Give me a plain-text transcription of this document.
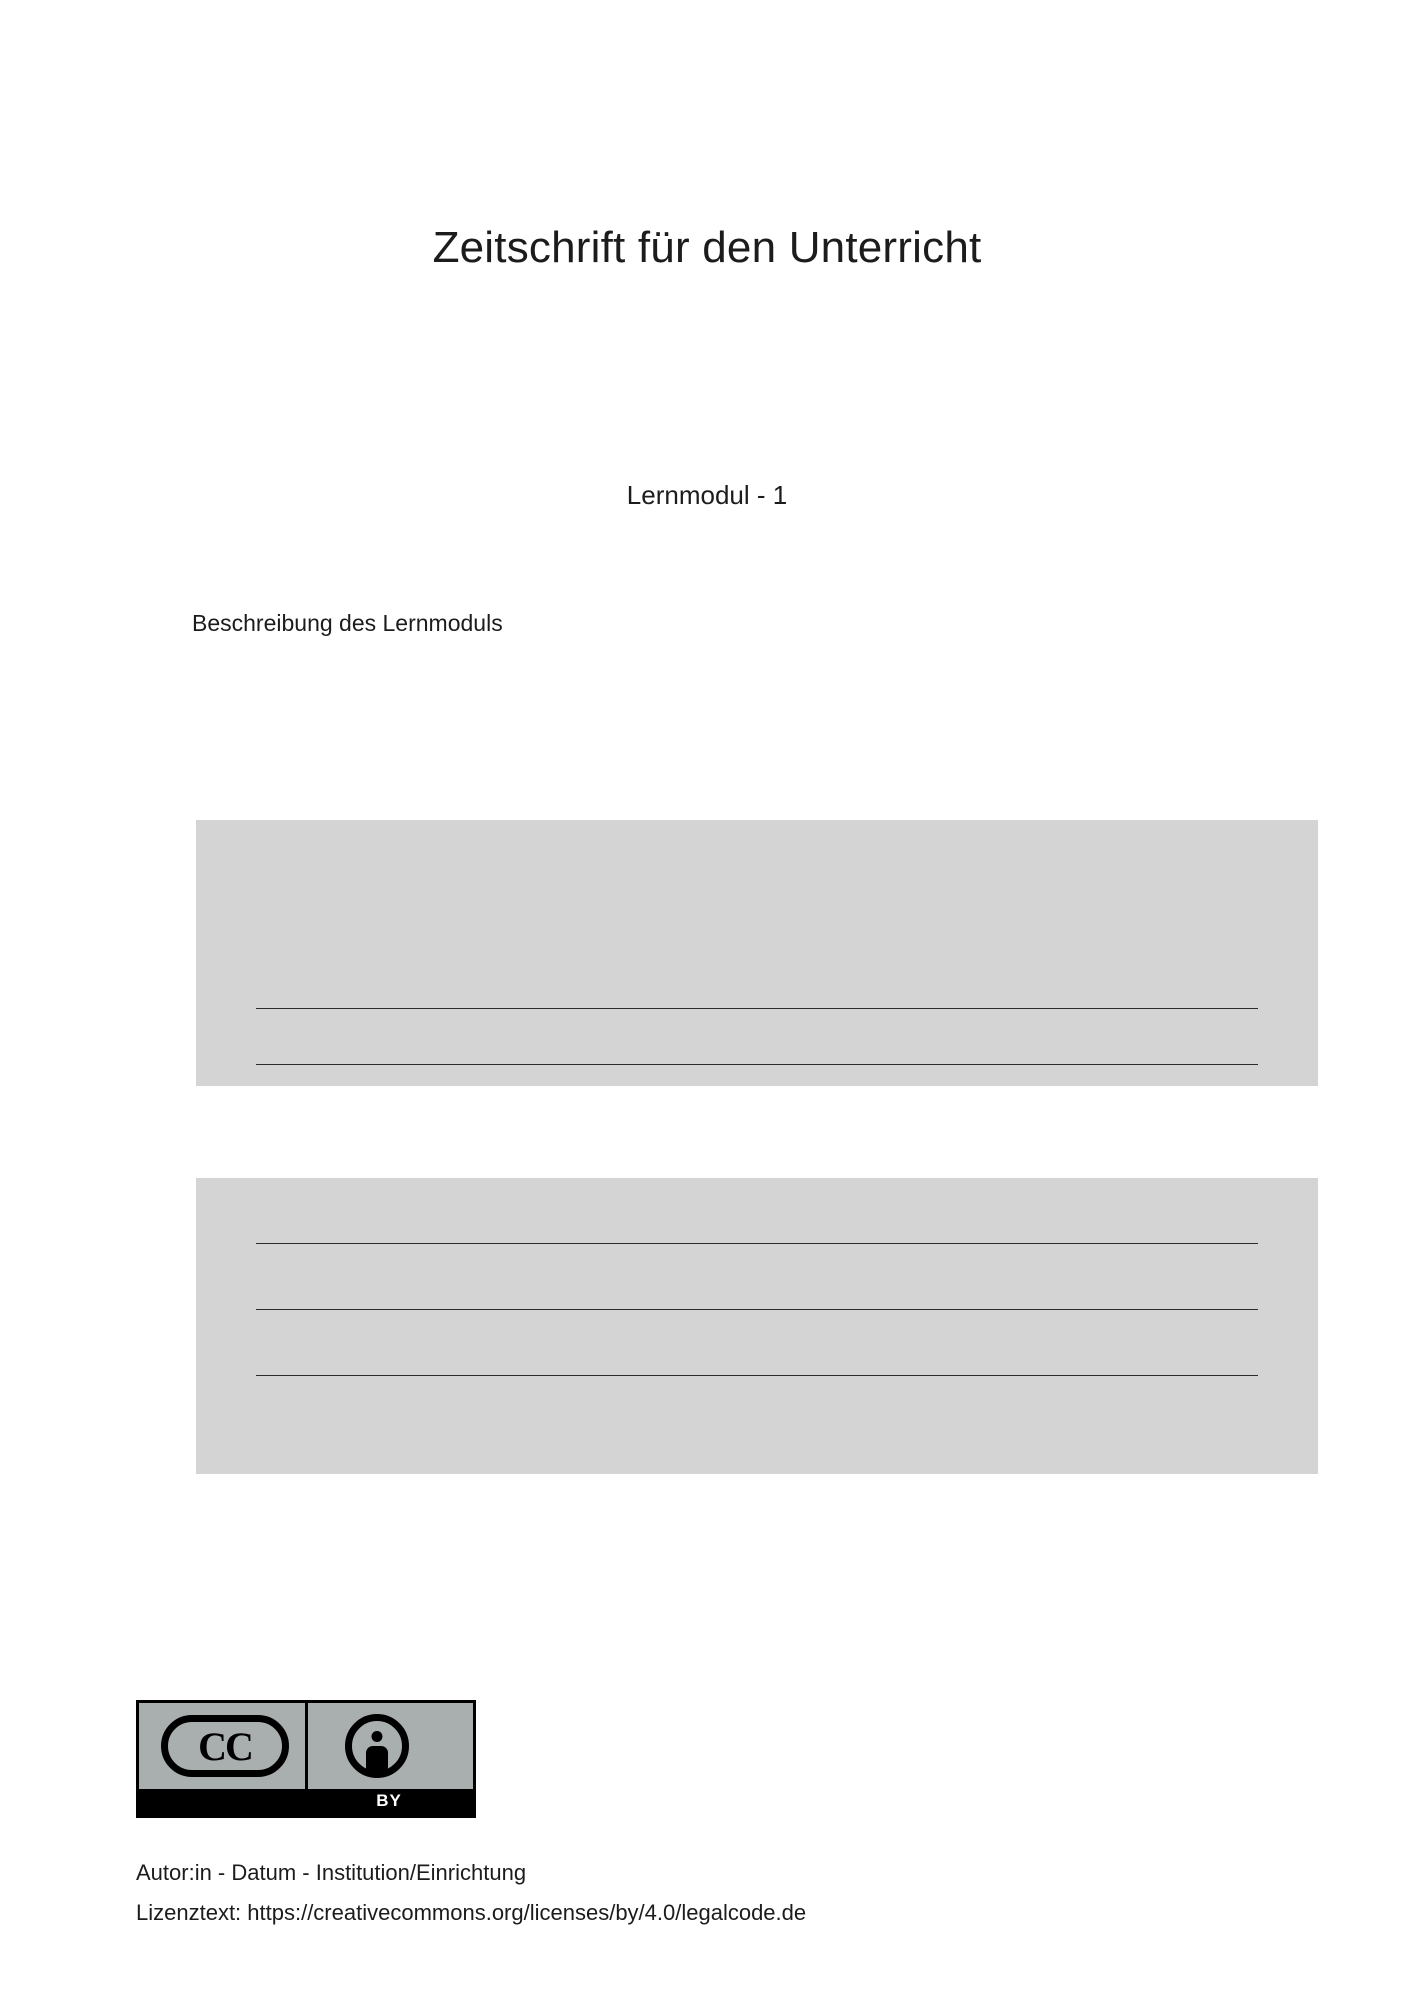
Zeitschrift für den Unterricht
Lernmodul - 1
Beschreibung des Lernmoduls
CC
BY
Autor:in - Datum - Institution/Einrichtung
Lizenztext: https://creativecommons.org/licenses/by/4.0/legalcode.de
